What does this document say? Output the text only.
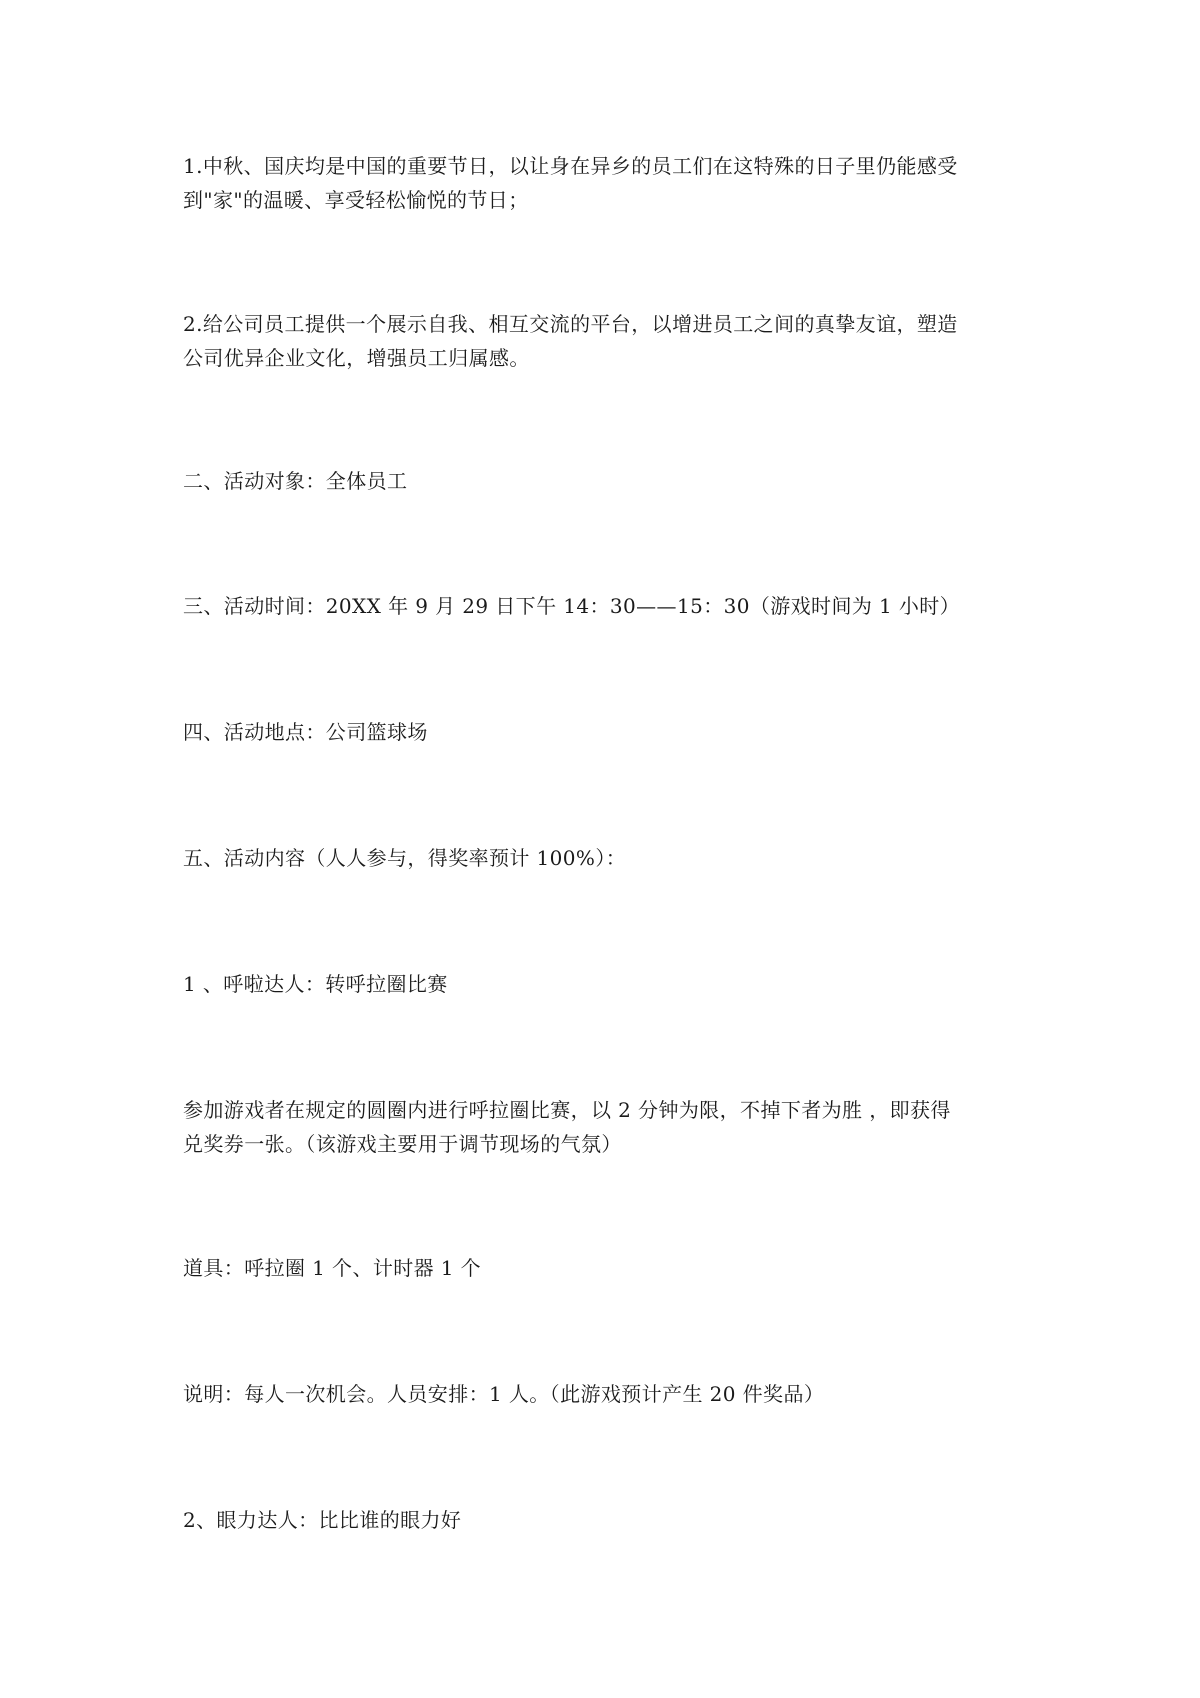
1.中秋、国庆均是中国的重要节日，以让身在异乡的员工们在这特殊的日子里仍能感受
到"家"的温暖、享受轻松愉悦的节日；

2.给公司员工提供一个展示自我、相互交流的平台，以增进员工之间的真挚友谊，塑造
公司优异企业文化，增强员工归属感。

二、活动对象：全体员工

三、活动时间：20XX 年 9 月 29 日下午 14：30——15：30（游戏时间为 1 小时）

四、活动地点：公司篮球场

五、活动内容（人人参与，得奖率预计 100%）：

1 、呼啦达人：转呼拉圈比赛

参加游戏者在规定的圆圈内进行呼拉圈比赛，以 2 分钟为限，不掉下者为胜 ，即获得
兑奖券一张。（该游戏主要用于调节现场的气氛）

道具：呼拉圈 1 个、计时器 1 个

说明：每人一次机会。人员安排：1 人。（此游戏预计产生 20 件奖品）

2、眼力达人：比比谁的眼力好
